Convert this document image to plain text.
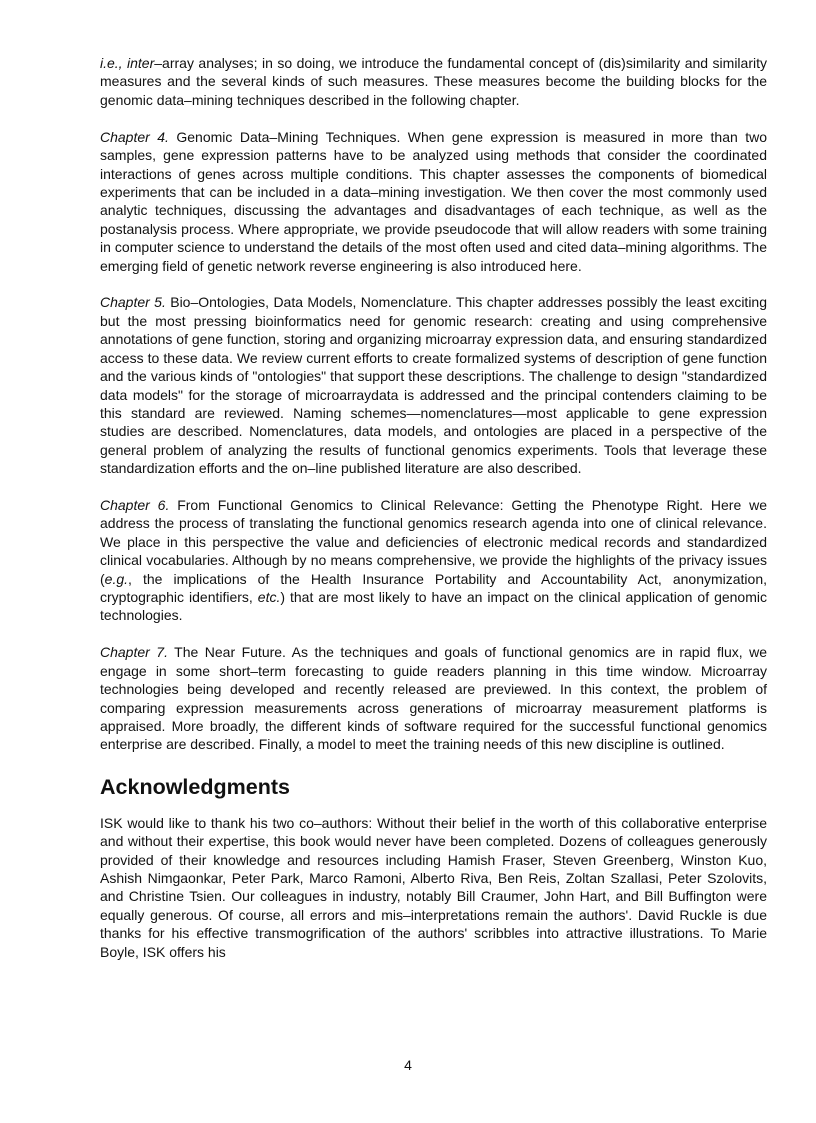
i.e., inter–array analyses; in so doing, we introduce the fundamental concept of (dis)similarity and similarity measures and the several kinds of such measures. These measures become the building blocks for the genomic data–mining techniques described in the following chapter.

Chapter 4. Genomic Data–Mining Techniques. When gene expression is measured in more than two samples, gene expression patterns have to be analyzed using methods that consider the coordinated interactions of genes across multiple conditions. This chapter assesses the components of biomedical experiments that can be included in a data–mining investigation. We then cover the most commonly used analytic techniques, discussing the advantages and disadvantages of each technique, as well as the postanalysis process. Where appropriate, we provide pseudocode that will allow readers with some training in computer science to understand the details of the most often used and cited data–mining algorithms. The emerging field of genetic network reverse engineering is also introduced here.

Chapter 5. Bio–Ontologies, Data Models, Nomenclature. This chapter addresses possibly the least exciting but the most pressing bioinformatics need for genomic research: creating and using comprehensive annotations of gene function, storing and organizing microarray expression data, and ensuring standardized access to these data. We review current efforts to create formalized systems of description of gene function and the various kinds of "ontologies" that support these descriptions. The challenge to design "standardized data models" for the storage of microarraydata is addressed and the principal contenders claiming to be this standard are reviewed. Naming schemes—nomenclatures—most applicable to gene expression studies are described. Nomenclatures, data models, and ontologies are placed in a perspective of the general problem of analyzing the results of functional genomics experiments. Tools that leverage these standardization efforts and the on–line published literature are also described.

Chapter 6. From Functional Genomics to Clinical Relevance: Getting the Phenotype Right. Here we address the process of translating the functional genomics research agenda into one of clinical relevance. We place in this perspective the value and deficiencies of electronic medical records and standardized clinical vocabularies. Although by no means comprehensive, we provide the highlights of the privacy issues (e.g., the implications of the Health Insurance Portability and Accountability Act, anonymization, cryptographic identifiers, etc.) that are most likely to have an impact on the clinical application of genomic technologies.

Chapter 7. The Near Future. As the techniques and goals of functional genomics are in rapid flux, we engage in some short–term forecasting to guide readers planning in this time window. Microarray technologies being developed and recently released are previewed. In this context, the problem of comparing expression measurements across generations of microarray measurement platforms is appraised. More broadly, the different kinds of software required for the successful functional genomics enterprise are described. Finally, a model to meet the training needs of this new discipline is outlined.

Acknowledgments

ISK would like to thank his two co–authors: Without their belief in the worth of this collaborative enterprise and without their expertise, this book would never have been completed. Dozens of colleagues generously provided of their knowledge and resources including Hamish Fraser, Steven Greenberg, Winston Kuo, Ashish Nimgaonkar, Peter Park, Marco Ramoni, Alberto Riva, Ben Reis, Zoltan Szallasi, Peter Szolovits, and Christine Tsien. Our colleagues in industry, notably Bill Craumer, John Hart, and Bill Buffington were equally generous. Of course, all errors and mis–interpretations remain the authors'. David Ruckle is due thanks for his effective transmogrification of the authors' scribbles into attractive illustrations. To Marie Boyle, ISK offers his

4
